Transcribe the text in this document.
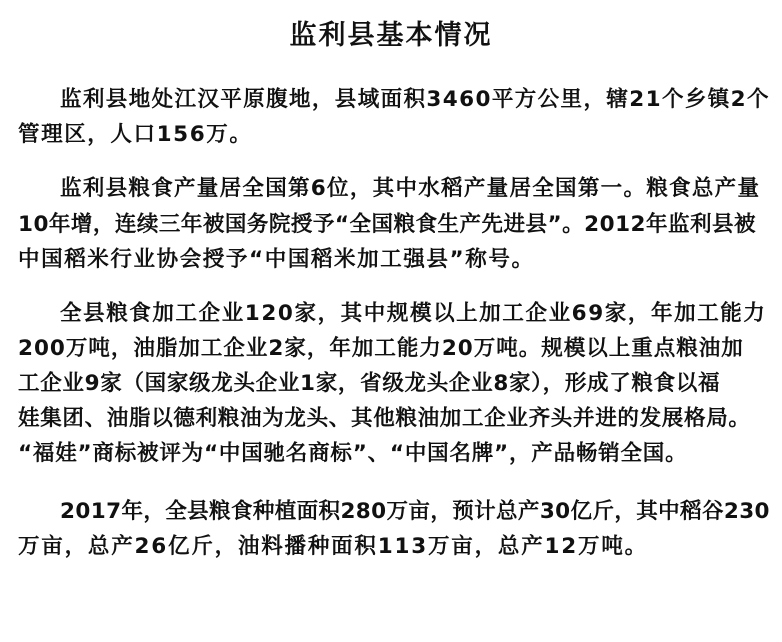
监利县基本情况
监利县地处江汉平原腹地，县域面积3460平方公里，辖21个乡镇2个
管理区，人口156万。
监利县粮食产量居全国第6位，其中水稻产量居全国第一。粮食总产量
10年增，连续三年被国务院授予“全国粮食生产先进县”。2012年监利县被
中国稻米行业协会授予“中国稻米加工强县”称号。
全县粮食加工企业120家，其中规模以上加工企业69家，年加工能力
200万吨，油脂加工企业2家，年加工能力20万吨。规模以上重点粮油加
工企业9家（国家级龙头企业1家，省级龙头企业8家），形成了粮食以福
娃集团、油脂以德利粮油为龙头、其他粮油加工企业齐头并进的发展格局。
“福娃”商标被评为“中国驰名商标”、“中国名牌”，产品畅销全国。
2017年，全县粮食种植面积280万亩，预计总产30亿斤，其中稻谷230
万亩，总产26亿斤，油料播种面积113万亩，总产12万吨。
